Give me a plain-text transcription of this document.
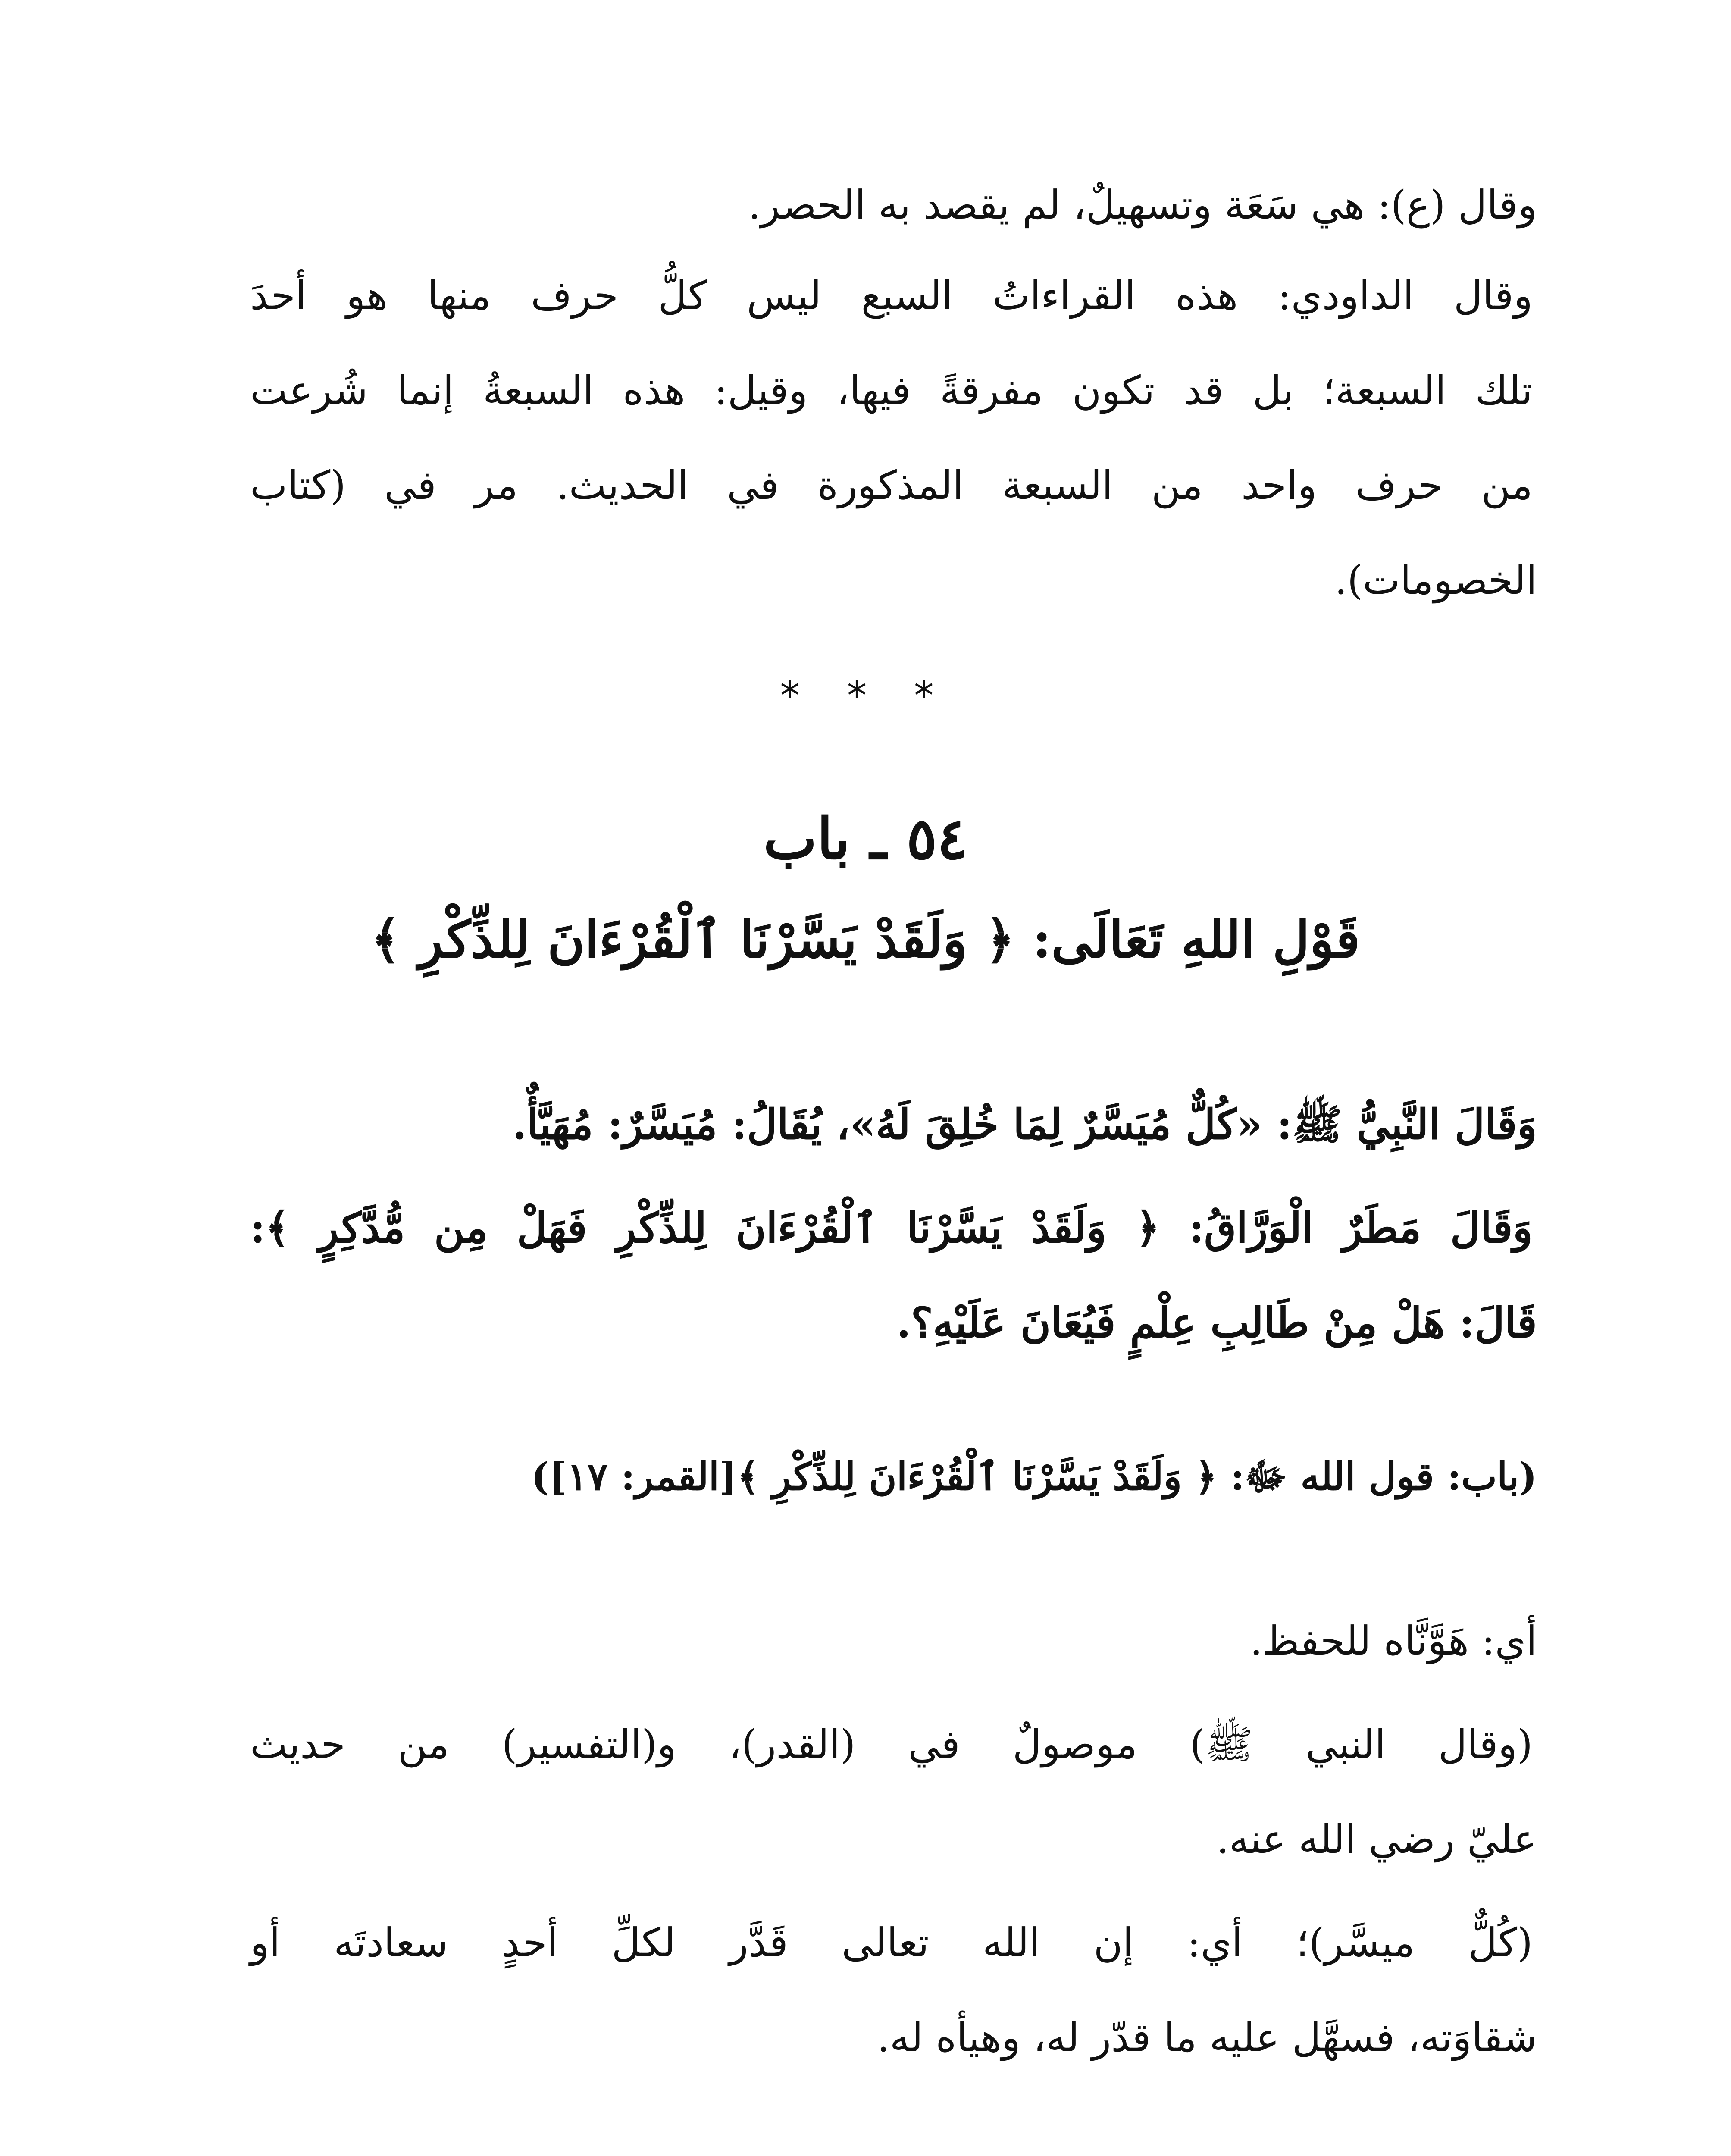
وقال (ع): هي سَعَة وتسهيلٌ، لم يقصد به الحصر.

وقال الداودي: هذه القراءاتُ السبع ليس كلُّ حرف منها هو أحدَ

تلك السبعة؛ بل قد تكون مفرقةً فيها، وقيل: هذه السبعةُ إنما شُرعت

من حرف واحد من السبعة المذكورة في الحديث. مر في (كتاب

الخصومات).

* * *

٥٤ ـ باب

قَوْلِ اللهِ تَعَالَى: ﴿ وَلَقَدْ يَسَّرْنَا ٱلْقُرْءَانَ لِلذِّكْرِ ﴾

وَقَالَ النَّبِيُّ ﷺ: «كُلٌّ مُيَسَّرٌ لِمَا خُلِقَ لَهُ»، يُقَالُ: مُيَسَّرٌ: مُهَيَّأٌ.

وَقَالَ مَطَرٌ الْوَرَّاقُ: ﴿ وَلَقَدْ يَسَّرْنَا ٱلْقُرْءَانَ لِلذِّكْرِ فَهَلْ مِن مُّدَّكِرٍ ﴾:

قَالَ: هَلْ مِنْ طَالِبِ عِلْمٍ فَيُعَانَ عَلَيْهِ؟.

(باب: قول الله ﷻ: ﴿ وَلَقَدْ يَسَّرْنَا ٱلْقُرْءَانَ لِلذِّكْرِ ﴾[القمر: ١٧])

أي: هَوَّنَّاه للحفظ.

(وقال النبي ﷺ) موصولٌ في (القدر)، و(التفسير) من حديث

عليّ رضي الله عنه.

(كُلٌّ ميسَّر)؛ أي: إن الله تعالى قَدَّر لكلِّ أحدٍ سعادتَه أو

شقاوَته، فسهَّل عليه ما قدّر له، وهيأه له.
